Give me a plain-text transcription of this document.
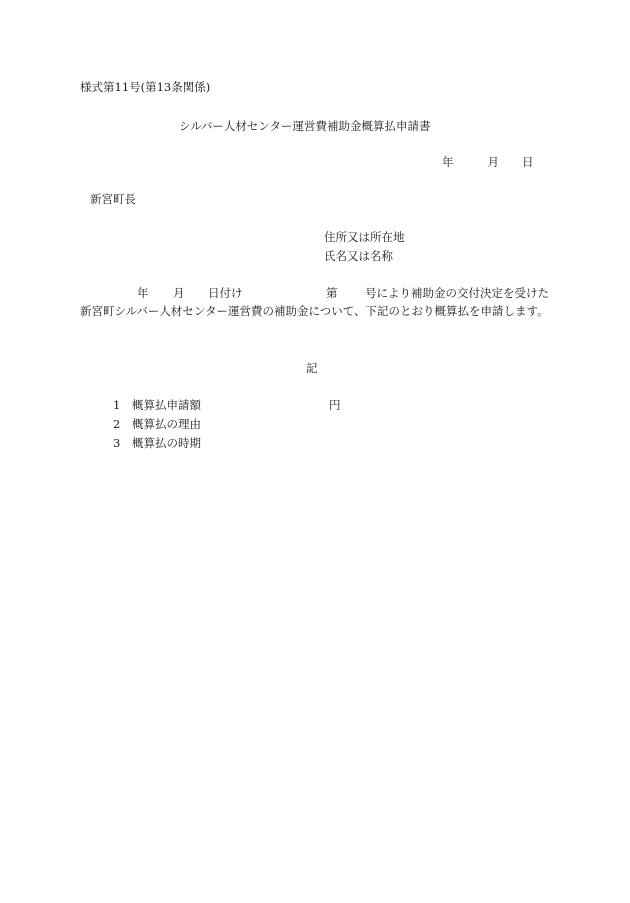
様式第11号(第13条関係)
シルバー人材センター運営費補助金概算払申請書
年	月 日
新宮町長
住所又は所在地
氏名又は名称
年 月 日付け	第 号により補助金の交付決定を受けた
新宮町シルバー人材センター運営費の補助金について、下記のとおり概算払を申請します。
記
1 概算払申請額	円
2 概算払の理由
3 概算払の時期
